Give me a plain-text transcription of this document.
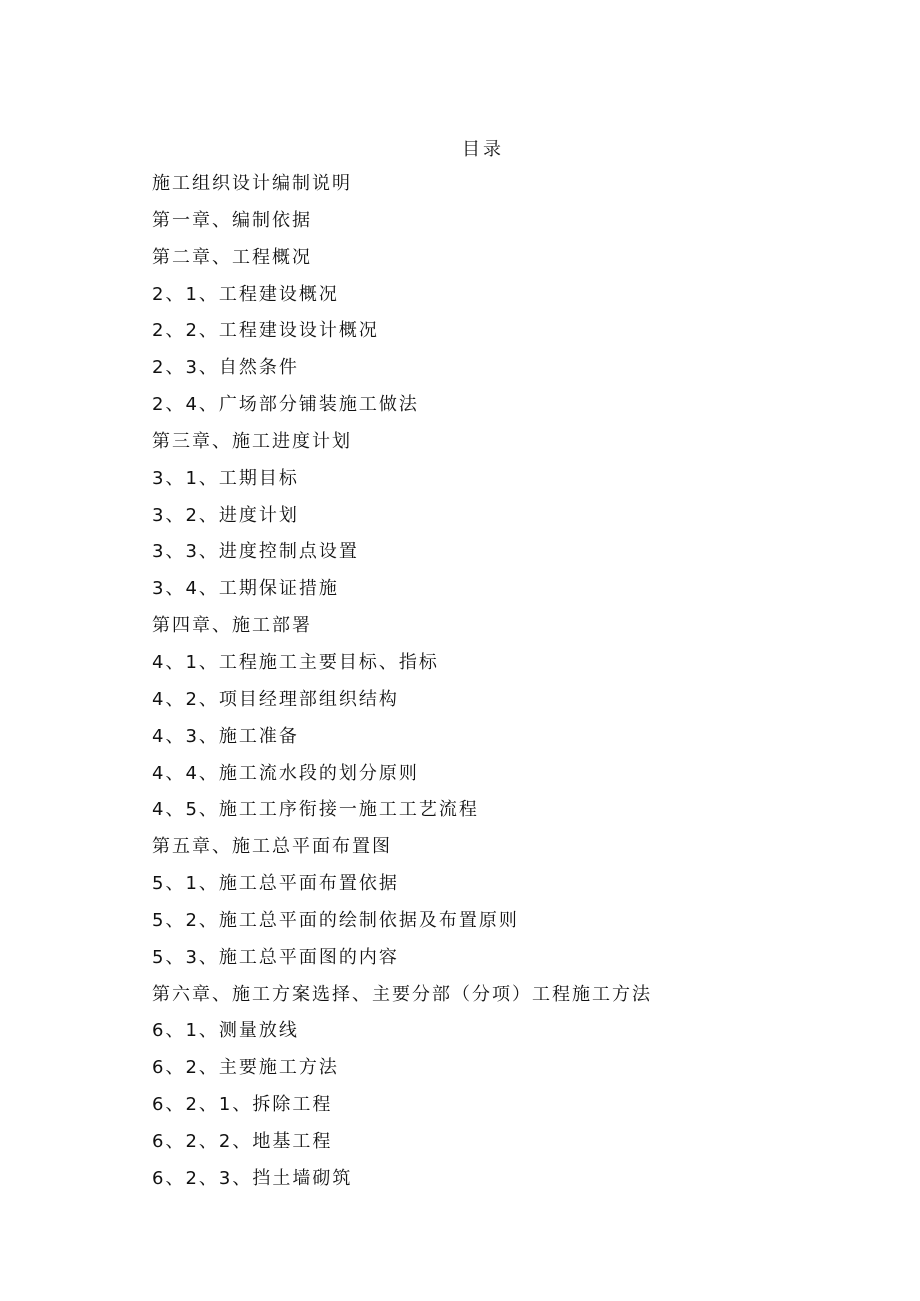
目录
施工组织设计编制说明
第一章、编制依据
第二章、工程概况
2、1、工程建设概况
2、2、工程建设设计概况
2、3、自然条件
2、4、广场部分铺装施工做法
第三章、施工进度计划
3、1、工期目标
3、2、进度计划
3、3、进度控制点设置
3、4、工期保证措施
第四章、施工部署
4、1、工程施工主要目标、指标
4、2、项目经理部组织结构
4、3、施工准备
4、4、施工流水段的划分原则
4、5、施工工序衔接一施工工艺流程
第五章、施工总平面布置图
5、1、施工总平面布置依据
5、2、施工总平面的绘制依据及布置原则
5、3、施工总平面图的内容
第六章、施工方案选择、主要分部（分项）工程施工方法
6、1、测量放线
6、2、主要施工方法
6、2、1、拆除工程
6、2、2、地基工程
6、2、3、挡土墙砌筑
